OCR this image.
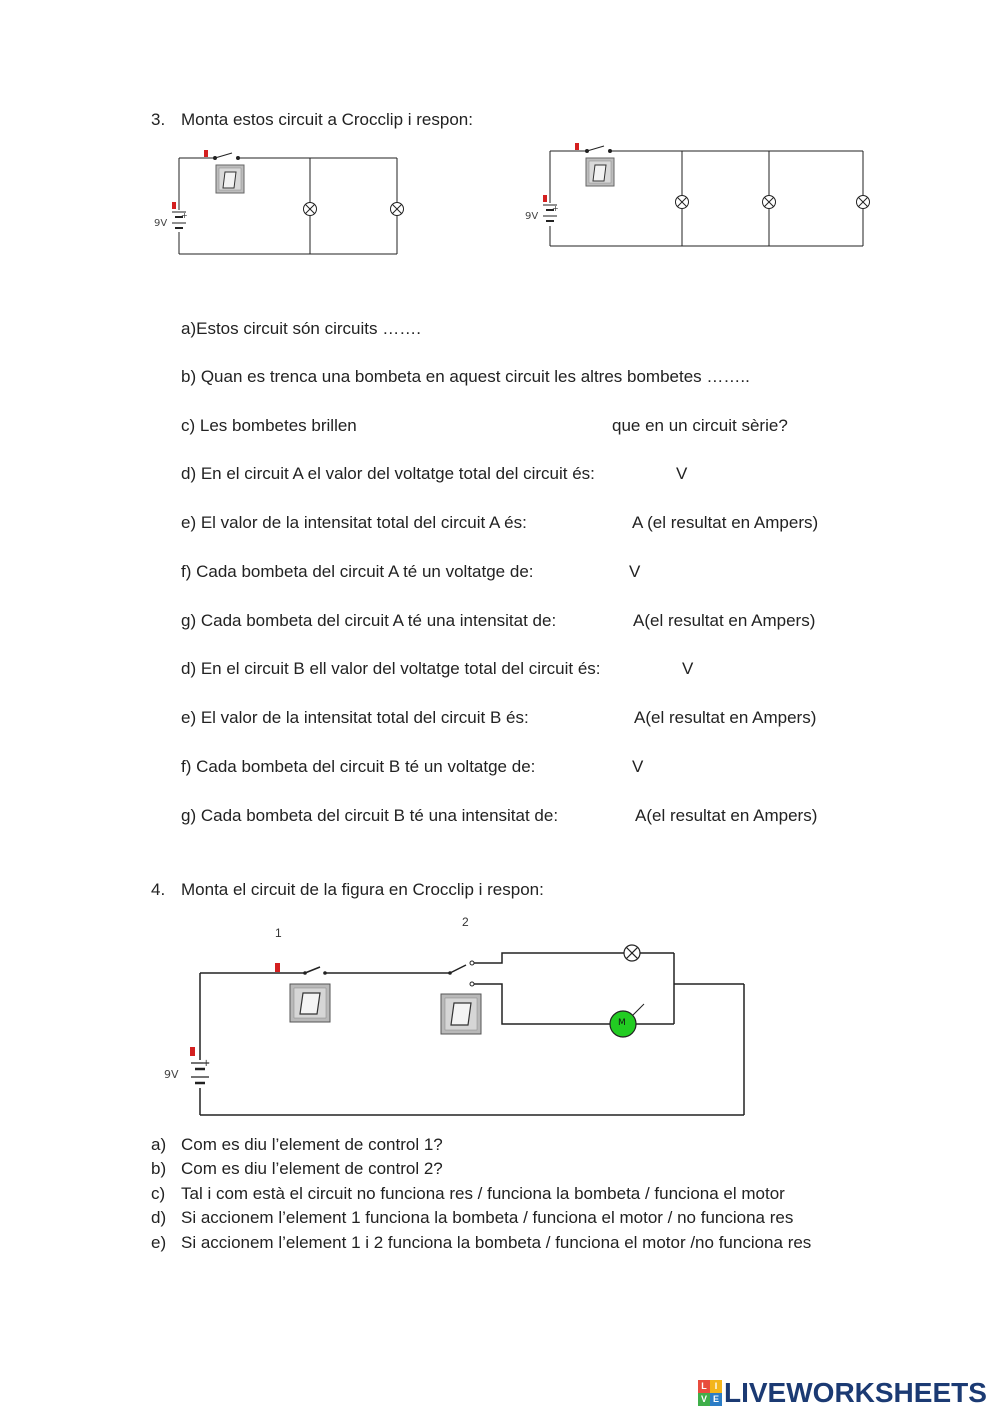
3. Monta estos circuit a Crocclip i respon:
+
+
+
9V
9V
9V
M
1
2
a)Estos circuit són circuits …….
b) Quan es trenca una bombeta en aquest circuit les altres bombetes ……..
c) Les bombetes brillen	que en un circuit sèrie?
d) En el circuit A el valor del voltatge total del circuit és:	V
e) El valor de la intensitat total del circuit A és:	A (el resultat en Ampers)
f) Cada bombeta del circuit A té un voltatge de:	V
g) Cada bombeta del circuit A té una intensitat de:	A(el resultat en Ampers)
d) En el circuit B ell valor del voltatge total del circuit és:	V
e) El valor de la intensitat total del circuit B és:	A(el resultat en Ampers)
f) Cada bombeta del circuit B té un voltatge de:	V
g) Cada bombeta del circuit B té una intensitat de:	A(el resultat en Ampers)
4. Monta el circuit de la figura en Crocclip i respon:
a) Com es diu l’element de control 1?
b) Com es diu l’element de control 2?
c) Tal i com està el circuit no funciona res / funciona la bombeta / funciona el motor
d) Si accionem l’element 1 funciona la bombeta / funciona el motor / no funciona res
e) Si accionem l’element 1 i 2 funciona la bombeta / funciona el motor /no funciona res
L I
V E LIVEWORKSHEETS
